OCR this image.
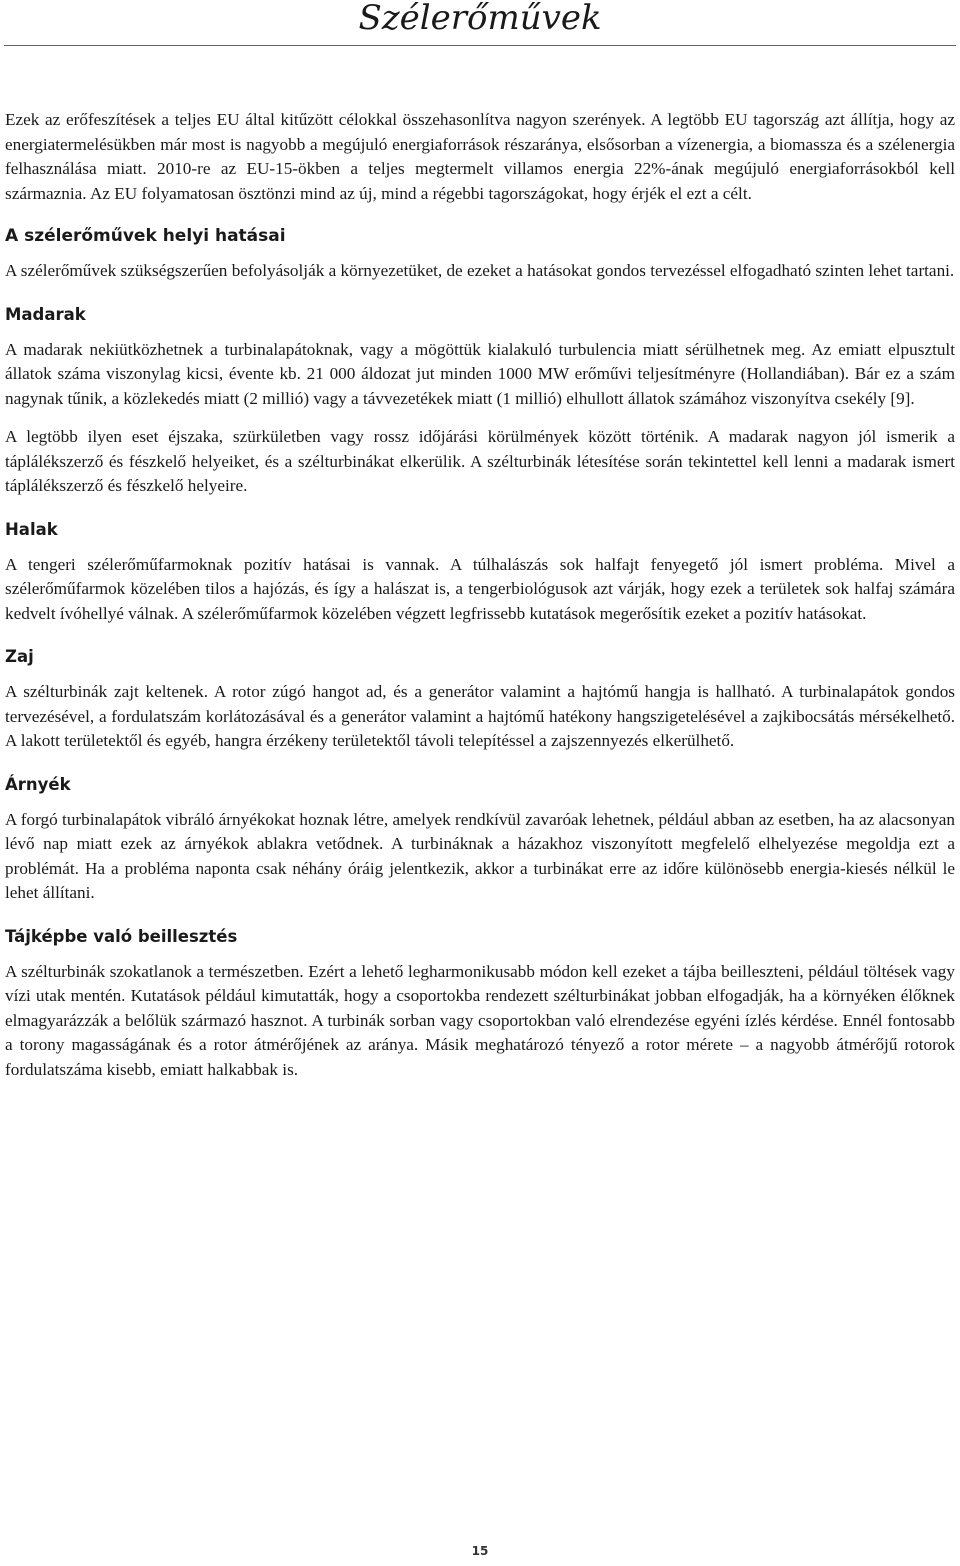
Szélerőművek

Ezek az erőfeszítések a teljes EU által kitűzött célokkal összehasonlítva nagyon szerények. A legtöbb EU tagország azt állítja, hogy az energiatermelésükben már most is nagyobb a megújuló energiaforrások részaránya, elsősorban a vízenergia, a biomassza és a szélenergia felhasználása miatt. 2010-re az EU-15-ökben a teljes megtermelt villamos energia 22%-ának megújuló energiaforrásokból kell származnia. Az EU folyamatosan ösztönzi mind az új, mind a régebbi tagországokat, hogy érjék el ezt a célt.

A szélerőművek helyi hatásai

A szélerőművek szükségszerűen befolyásolják a környezetüket, de ezeket a hatásokat gondos tervezéssel elfogadható szinten lehet tartani.

Madarak

A madarak nekiütközhetnek a turbinalapátoknak, vagy a mögöttük kialakuló turbulencia miatt sérülhetnek meg. Az emiatt elpusztult állatok száma viszonylag kicsi, évente kb. 21 000 áldozat jut minden 1000 MW erőművi teljesítményre (Hollandiában). Bár ez a szám nagynak tűnik, a közlekedés miatt (2 millió) vagy a távvezetékek miatt (1 millió) elhullott állatok számához viszonyítva csekély [9].

A legtöbb ilyen eset éjszaka, szürkületben vagy rossz időjárási körülmények között történik. A madarak nagyon jól ismerik a táplálékszerző és fészkelő helyeiket, és a szélturbinákat elkerülik. A szélturbinák létesítése során tekintettel kell lenni a madarak ismert táplálékszerző és fészkelő helyeire.

Halak

A tengeri szélerőműfarmoknak pozitív hatásai is vannak. A túlhalászás sok halfajt fenyegető jól ismert probléma. Mivel a szélerőműfarmok közelében tilos a hajózás, és így a halászat is, a tengerbiológusok azt várják, hogy ezek a területek sok halfaj számára kedvelt ívóhellyé válnak. A szélerőműfarmok közelében végzett legfrissebb kutatások megerősítik ezeket a pozitív hatásokat.

Zaj

A szélturbinák zajt keltenek. A rotor zúgó hangot ad, és a generátor valamint a hajtómű hangja is hallható. A turbinalapátok gondos tervezésével, a fordulatszám korlátozásával és a generátor valamint a hajtómű hatékony hangszigetelésével a zajkibocsátás mérsékelhető. A lakott területektől és egyéb, hangra érzékeny területektől távoli telepítéssel a zajszennyezés elkerülhető.

Árnyék

A forgó turbinalapátok vibráló árnyékokat hoznak létre, amelyek rendkívül zavaróak lehetnek, például abban az esetben, ha az alacsonyan lévő nap miatt ezek az árnyékok ablakra vetődnek. A turbináknak a házakhoz viszonyított megfelelő elhelyezése megoldja ezt a problémát. Ha a probléma naponta csak néhány óráig jelentkezik, akkor a turbinákat erre az időre különösebb energia-kiesés nélkül le lehet állítani.

Tájképbe való beillesztés

A szélturbinák szokatlanok a természetben. Ezért a lehető legharmonikusabb módon kell ezeket a tájba beilleszteni, például töltések vagy vízi utak mentén. Kutatások például kimutatták, hogy a csoportokba rendezett szélturbinákat jobban elfogadják, ha a környéken élőknek elmagyarázzák a belőlük származó hasznot. A turbinák sorban vagy csoportokban való elrendezése egyéni ízlés kérdése. Ennél fontosabb a torony magasságának és a rotor átmérőjének az aránya. Másik meghatározó tényező a rotor mérete – a nagyobb átmérőjű rotorok fordulatszáma kisebb, emiatt halkabbak is.

15
